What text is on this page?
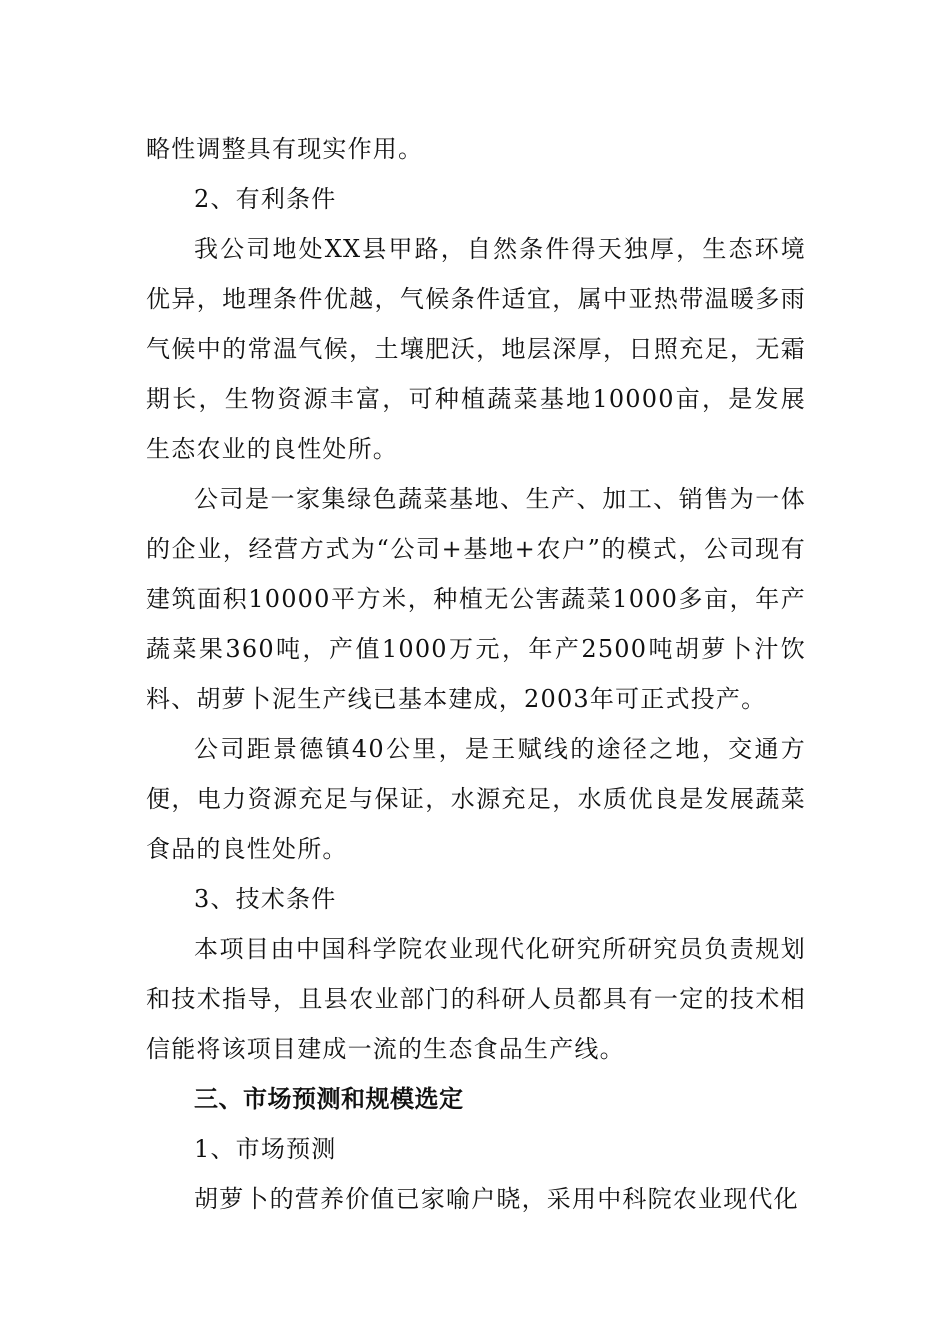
略性调整具有现实作用。

2、有利条件

我公司地处XX县甲路，自然条件得天独厚，生态环境优异，地理条件优越，气候条件适宜，属中亚热带温暖多雨气候中的常温气候，土壤肥沃，地层深厚，日照充足，无霜期长，生物资源丰富，可种植蔬菜基地10000亩，是发展生态农业的良性处所。

公司是一家集绿色蔬菜基地、生产、加工、销售为一体的企业，经营方式为“公司+基地+农户”的模式，公司现有建筑面积10000平方米，种植无公害蔬菜1000多亩，年产蔬菜果360吨，产值1000万元，年产2500吨胡萝卜汁饮料、胡萝卜泥生产线已基本建成，2003年可正式投产。

公司距景德镇40公里，是王赋线的途径之地，交通方便，电力资源充足与保证，水源充足，水质优良是发展蔬菜食品的良性处所。

3、技术条件

本项目由中国科学院农业现代化研究所研究员负责规划和技术指导，且县农业部门的科研人员都具有一定的技术相信能将该项目建成一流的生态食品生产线。

三、市场预测和规模选定

1、市场预测

胡萝卜的营养价值已家喻户晓，采用中科院农业现代化
